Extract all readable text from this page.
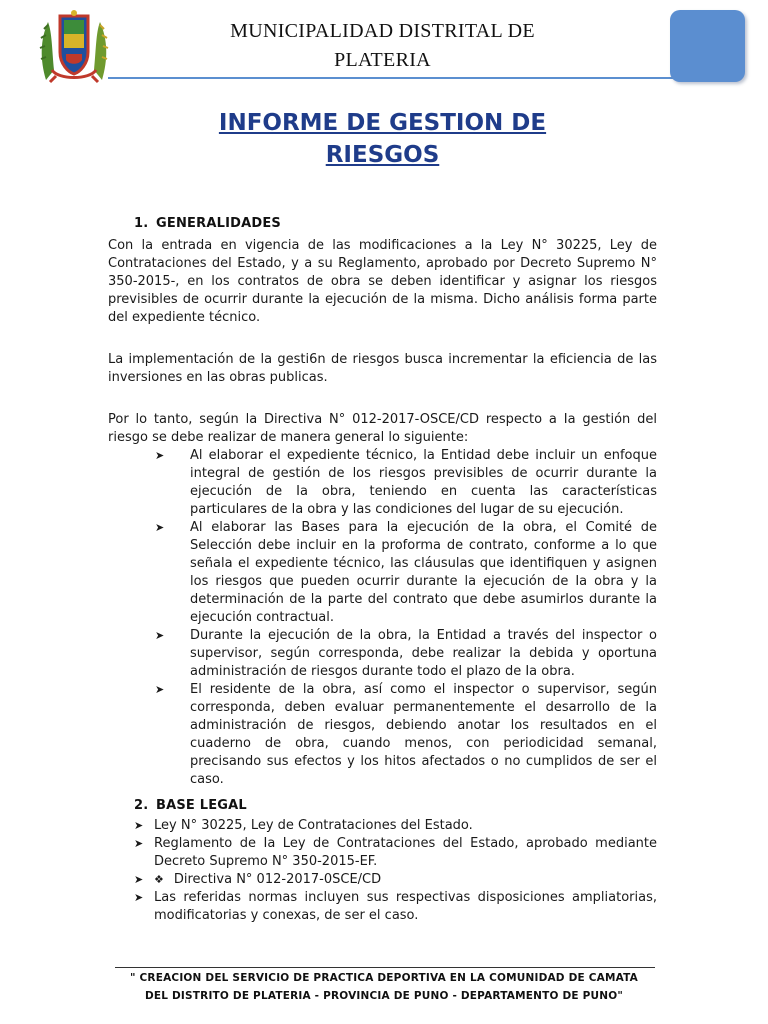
MUNICIPALIDAD DISTRITAL DE
PLATERIA
INFORME DE GESTION DE
RIESGOS
1. GENERALIDADES
Con la entrada en vigencia de las modificaciones a la Ley N° 30225, Ley de Contrataciones del Estado, y a su Reglamento, aprobado por Decreto Supremo N° 350-2015-, en los contratos de obra se deben identificar y asignar los riesgos previsibles de ocurrir durante la ejecución de la misma. Dicho análisis forma parte del expediente técnico.
La implementación de la gesti6n de riesgos busca incrementar la eficiencia de las inversiones en las obras publicas.
Por lo tanto, según la Directiva N° 012-2017-OSCE/CD respecto a Ia gestión del riesgo se debe realizar de manera general lo siguiente:
➤ Al elaborar el expediente técnico, la Entidad debe incluir un enfoque integral de gestión de los riesgos previsibles de ocurrir durante la ejecución de Ia obra, teniendo en cuenta las características particulares de la obra y las condiciones del lugar de su ejecución.
➤ Al elaborar las Bases para la ejecución de Ia obra, el Comité de Selección debe incluir en la proforma de contrato, conforme a lo que señala el expediente técnico, las cláusulas que identifiquen y asignen los riesgos que pueden ocurrir durante la ejecución de Ia obra y la determinación de la parte del contrato que debe asumirlos durante la ejecución contractual.
➤ Durante la ejecución de la obra, la Entidad a través del inspector o supervisor, según corresponda, debe realizar la debida y oportuna administración de riesgos durante todo el plazo de Ia obra.
➤ El residente de la obra, así como el inspector o supervisor, según corresponda, deben evaluar permanentemente el desarrollo de la administración de riesgos, debiendo anotar los resultados en el cuaderno de obra, cuando menos, con periodicidad semanal, precisando sus efectos y los hitos afectados o no cumplidos de ser el caso.
2. BASE LEGAL
➤ Ley N° 30225, Ley de Contrataciones del Estado.
➤ Reglamento de Ia Ley de Contrataciones del Estado, aprobado mediante Decreto Supremo N° 350-2015-EF.
➤ ❖ Directiva N° 012-2017-0SCE/CD
➤ Las referidas normas incluyen sus respectivas disposiciones ampliatorias, modificatorias y conexas, de ser el caso.
" CREACION DEL SERVICIO DE PRACTICA DEPORTIVA EN LA COMUNIDAD DE CAMATA
DEL DISTRITO DE PLATERIA - PROVINCIA DE PUNO - DEPARTAMENTO DE PUNO"
